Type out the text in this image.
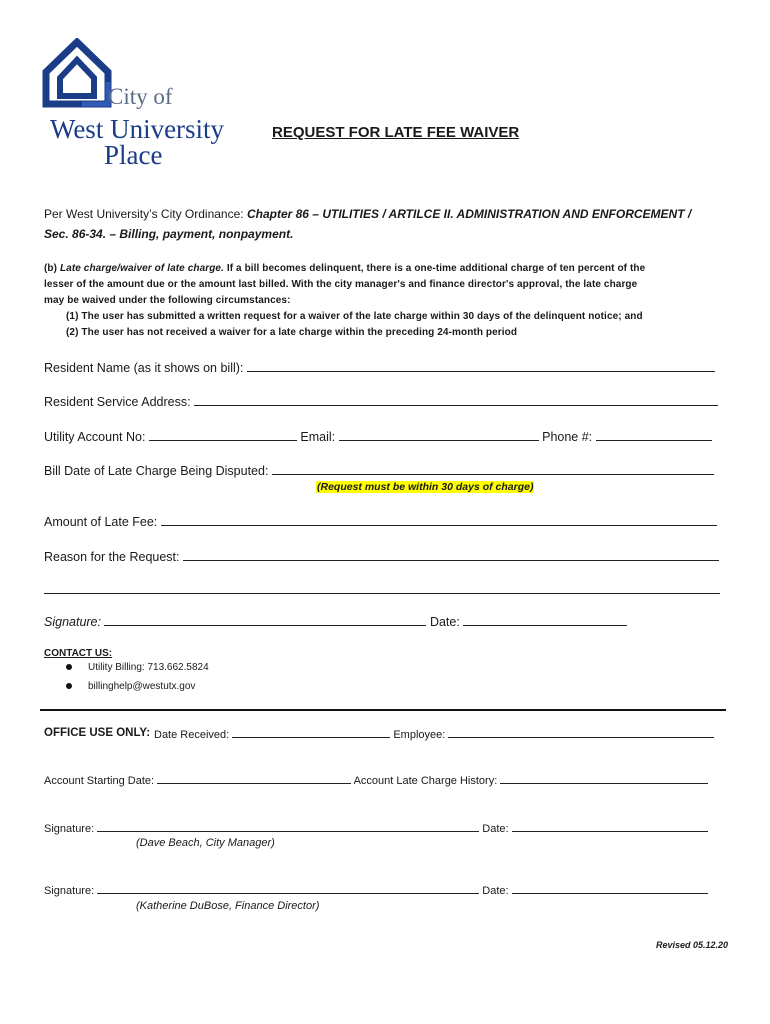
City of
West University
Place
REQUEST FOR LATE FEE WAIVER
Per West University’s City Ordinance: Chapter 86 – UTILITIES / ARTILCE II. ADMINISTRATION AND ENFORCEMENT /
Sec. 86-34. – Billing, payment, nonpayment.
(b) Late charge/waiver of late charge. If a bill becomes delinquent, there is a one-time additional charge of ten percent of the
lesser of the amount due or the amount last billed. With the city manager's and finance director's approval, the late charge
may be waived under the following circumstances:
(1) The user has submitted a written request for a waiver of the late charge within 30 days of the delinquent notice; and
(2) The user has not received a waiver for a late charge within the preceding 24-month period
Resident Name (as it shows on bill):
Resident Service Address:
Utility Account No:	Email:	Phone #:
Bill Date of Late Charge Being Disputed:
(Request must be within 30 days of charge)
Amount of Late Fee:
Reason for the Request:
Signature:	Date:
CONTACT US:
Utility Billing: 713.662.5824
billinghelp@westutx.gov
OFFICE USE ONLY: Date Received:	Employee:
Account Starting Date:	Account Late Charge History:
Signature:	Date:
(Dave Beach, City Manager)
Signature:	Date:
(Katherine DuBose, Finance Director)
Revised 05.12.20
